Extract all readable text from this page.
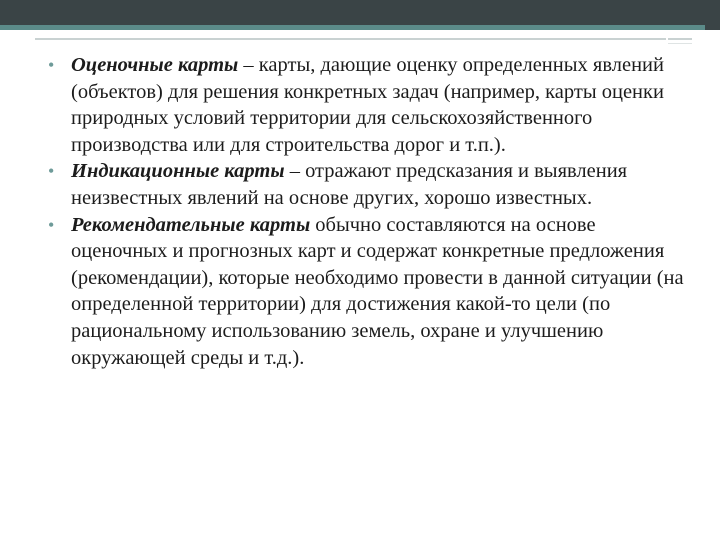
• Оценочные карты – карты, дающие оценку определенных явлений (объектов) для решения конкретных задач (например, карты оценки природных условий территории для сельскохозяйственного производства или для строительства дорог и т.п.).
• Индикационные карты – отражают предсказания и выявления неизвестных явлений на основе других, хорошо известных.
• Рекомендательные карты обычно составляются на основе оценочных и прогнозных карт и содержат конкретные предложения (рекомендации), которые необходимо провести в данной ситуации (на определенной территории) для достижения какой-то цели (по рациональному использованию земель, охране и улучшению окружающей среды и т.д.).
